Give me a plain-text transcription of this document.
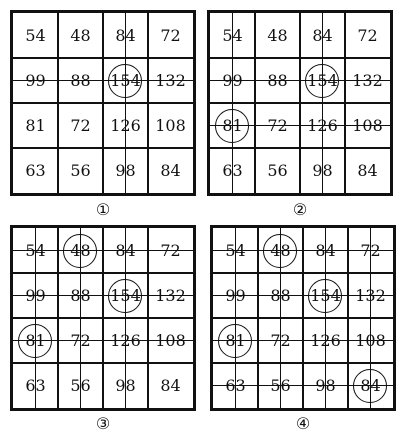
54 48 84 72
99 88 154 132
81 72 126 108
63 56 98 84
①
54 48 84 72
99 88 154 132
81 72 126 108
63 56 98 84
②
54 48 84 72
99 88 154 132
81 72 126 108
63 56 98 84
③
54 48 84 72
99 88 154 132
81 72 126 108
63 56 98 84
④
